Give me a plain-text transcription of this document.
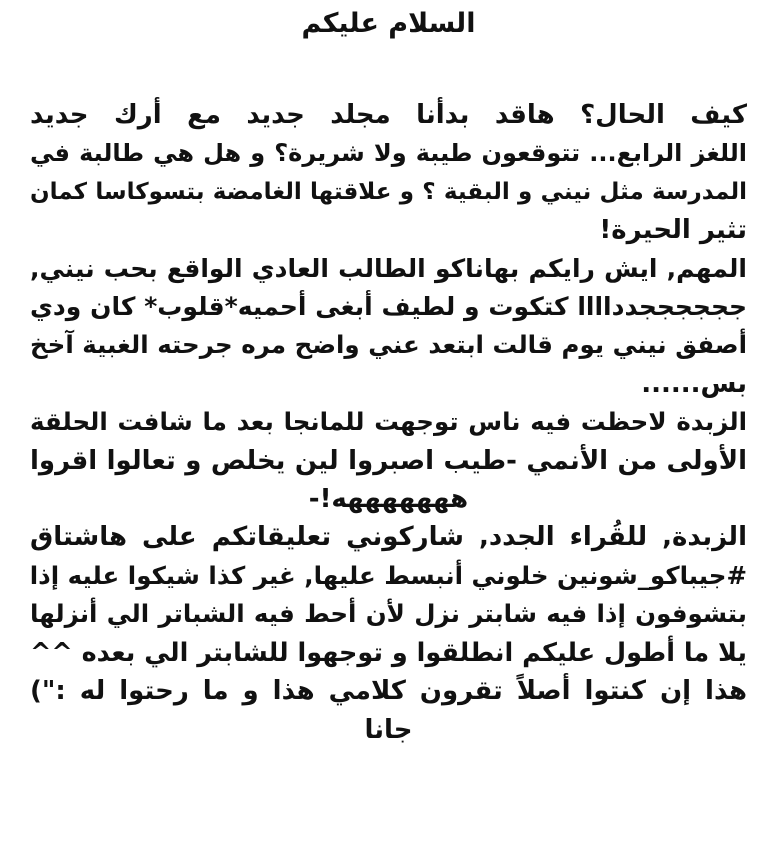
السلام عليكم
كيف الحال؟ هاقد بدأنا مجلد جديد مع أرك جديد
اللغز الرابع... تتوقعون طيبة ولا شريرة؟ و هل هي طالبة في
المدرسة مثل نيني و البقية ؟ و علاقتها الغامضة بتسوكاسا كمان
تثير الحيرة!
المهم, ايش رايكم بهاناكو الطالب العادي الواقع بحب نيني,
ججججججدداااا كتكوت و لطيف أبغى أحميه*قلوب* كان ودي
أصفق نيني يوم قالت ابتعد عني واضح مره جرحته الغبية آخخ
بس......
الزبدة لاحظت فيه ناس توجهت للمانجا بعد ما شافت الحلقة
الأولى من الأنمي -طيب اصبروا لين يخلص و تعالوا اقروا
هههههههه!-
الزبدة, للقُراء الجدد, شاركوني تعليقاتكم على هاشتاق
#جيباكو_شونين خلوني أنبسط عليها, غير كذا شيكوا عليه إذا
بتشوفون إذا فيه شابتر نزل لأن أحط فيه الشباتر الي أنزلها
يلا ما أطول عليكم انطلقوا و توجهوا للشابتر الي بعده ^^
هذا إن كنتوا أصلاً تقرون كلامي هذا و ما رحتوا له :")
جانا
